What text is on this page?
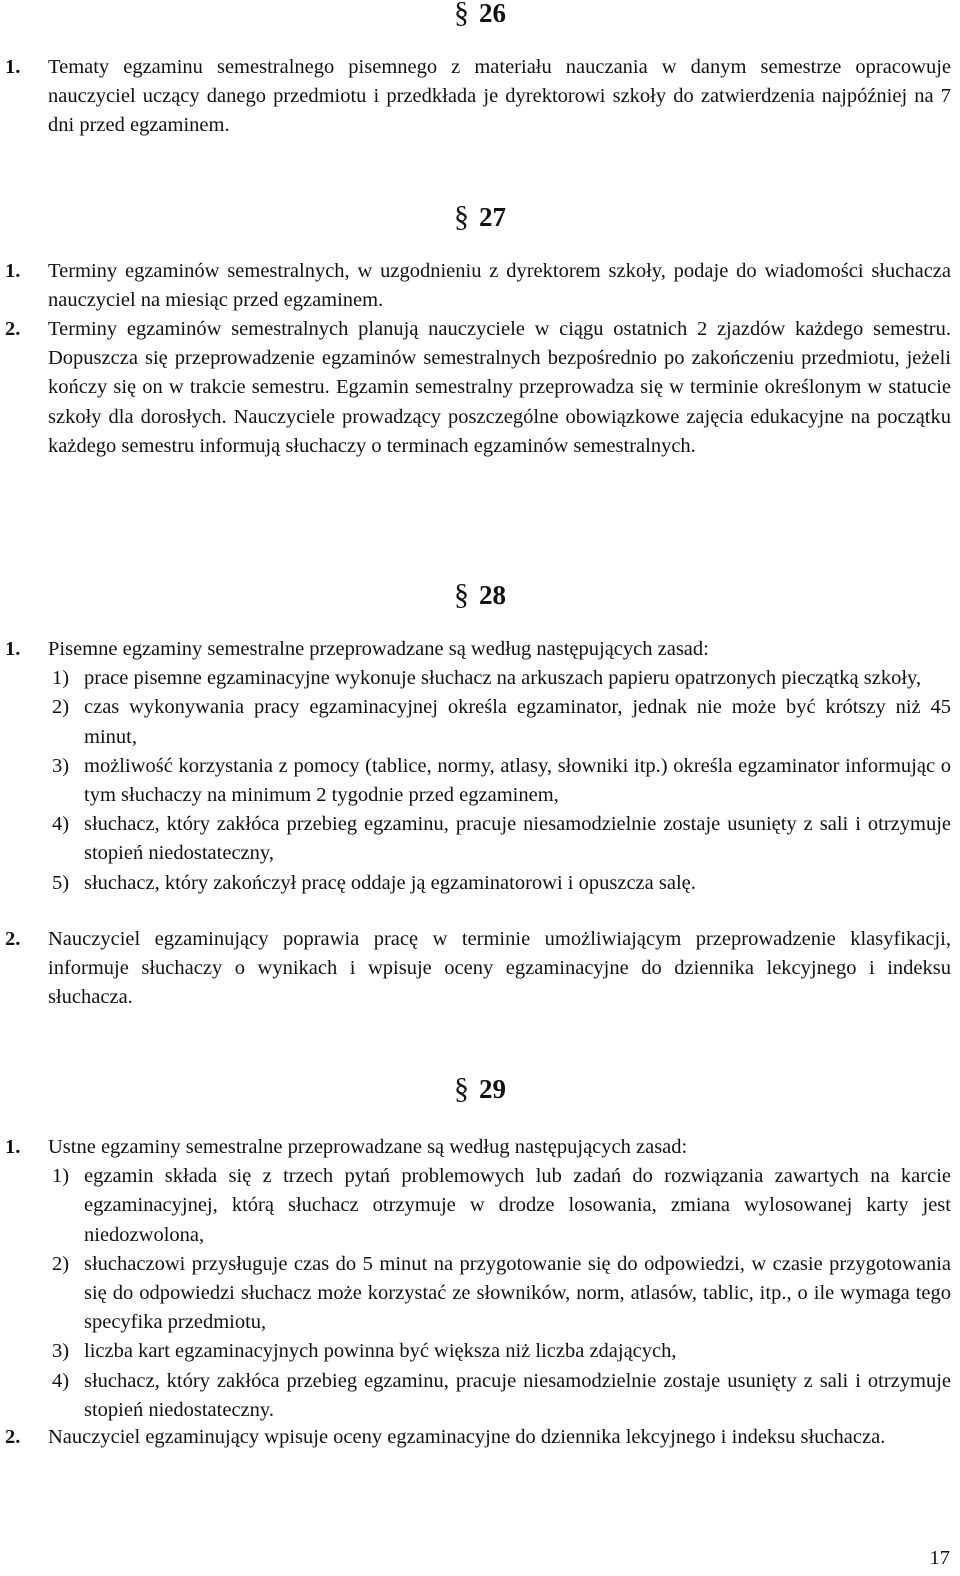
§ 26
1. Tematy egzaminu semestralnego pisemnego z materiału nauczania w danym semestrze opracowuje nauczyciel uczący danego przedmiotu i przedkłada je dyrektorowi szkoły do zatwierdzenia najpóźniej na 7 dni przed egzaminem.
§ 27
1. Terminy egzaminów semestralnych, w uzgodnieniu z dyrektorem szkoły, podaje do wiadomości słuchacza nauczyciel na miesiąc przed egzaminem.
2. Terminy egzaminów semestralnych planują nauczyciele w ciągu ostatnich 2 zjazdów każdego semestru. Dopuszcza się przeprowadzenie egzaminów semestralnych bezpośrednio po zakończeniu przedmiotu, jeżeli kończy się on w trakcie semestru. Egzamin semestralny przeprowadza się w terminie określonym w statucie szkoły dla dorosłych. Nauczyciele prowadzący poszczególne obowiązkowe zajęcia edukacyjne na początku każdego semestru informują słuchaczy o terminach egzaminów semestralnych.
§ 28
1. Pisemne egzaminy semestralne przeprowadzane są według następujących zasad:
1) prace pisemne egzaminacyjne wykonuje słuchacz na arkuszach papieru opatrzonych pieczątką szkoły,
2) czas wykonywania pracy egzaminacyjnej określa egzaminator, jednak nie może być krótszy niż 45 minut,
3) możliwość korzystania z pomocy (tablice, normy, atlasy, słowniki itp.) określa egzaminator informując o tym słuchaczy na minimum 2 tygodnie przed egzaminem,
4) słuchacz, który zakłóca przebieg egzaminu, pracuje niesamodzielnie zostaje usunięty z sali i otrzymuje stopień niedostateczny,
5) słuchacz, który zakończył pracę oddaje ją egzaminatorowi i opuszcza salę.
2. Nauczyciel egzaminujący poprawia pracę w terminie umożliwiającym przeprowadzenie klasyfikacji, informuje słuchaczy o wynikach i wpisuje oceny egzaminacyjne do dziennika lekcyjnego i indeksu słuchacza.
§ 29
1. Ustne egzaminy semestralne przeprowadzane są według następujących zasad:
1) egzamin składa się z trzech pytań problemowych lub zadań do rozwiązania zawartych na karcie egzaminacyjnej, którą słuchacz otrzymuje w drodze losowania, zmiana wylosowanej karty jest niedozwolona,
2) słuchaczowi przysługuje czas do 5 minut na przygotowanie się do odpowiedzi, w czasie przygotowania się do odpowiedzi słuchacz może korzystać ze słowników, norm, atlasów, tablic, itp., o ile wymaga tego specyfika przedmiotu,
3) liczba kart egzaminacyjnych powinna być większa niż liczba zdających,
4) słuchacz, który zakłóca przebieg egzaminu, pracuje niesamodzielnie zostaje usunięty z sali i otrzymuje stopień niedostateczny.
2. Nauczyciel egzaminujący wpisuje oceny egzaminacyjne do dziennika lekcyjnego i indeksu słuchacza.
17
